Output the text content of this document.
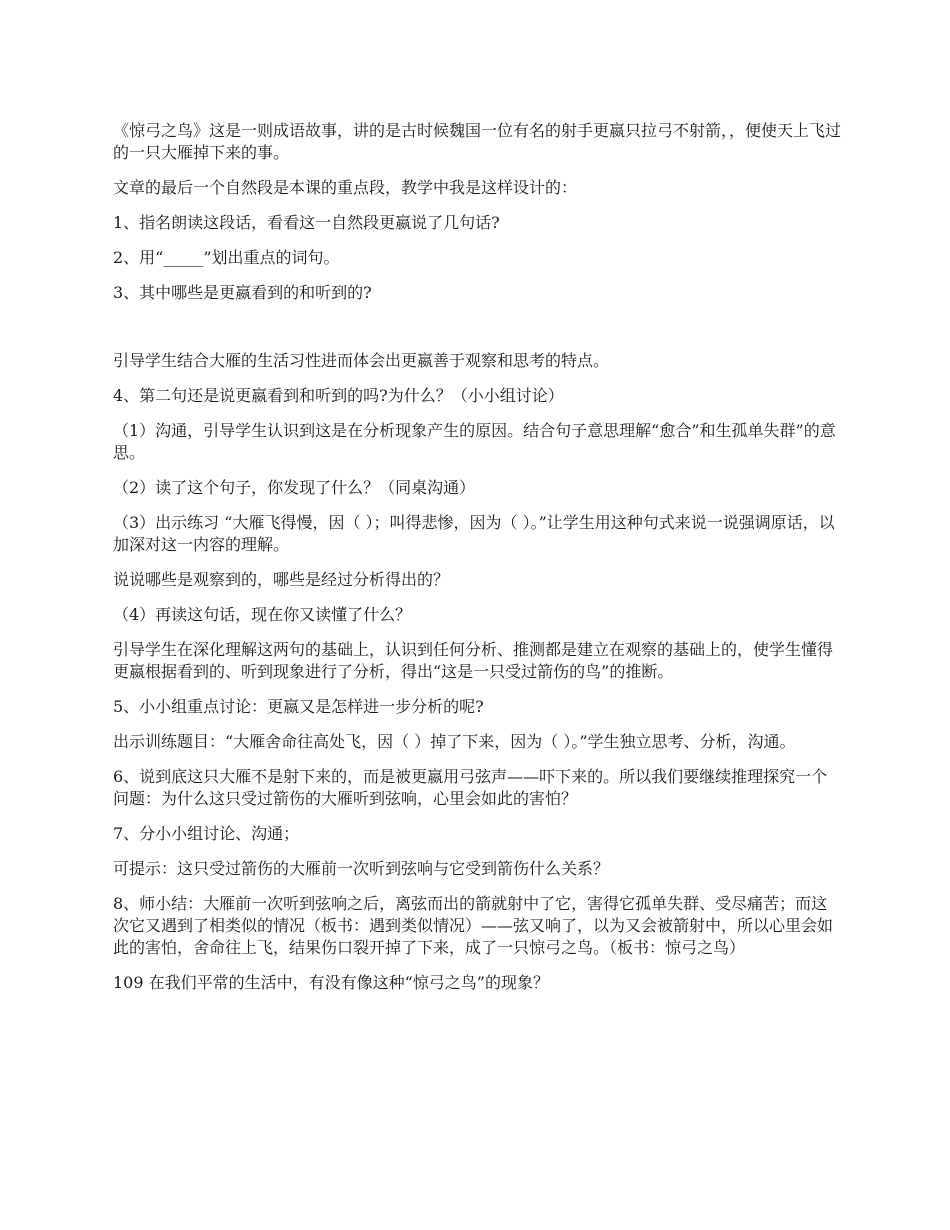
《惊弓之鸟》这是一则成语故事，讲的是古时候魏国一位有名的射手更嬴只拉弓不射箭，，便使天上飞过的一只大雁掉下来的事。

文章的最后一个自然段是本课的重点段，教学中我是这样设计的：

1、指名朗读这段话，看看这一自然段更嬴说了几句话?

2、用“_____”划出重点的词句。

3、其中哪些是更嬴看到的和听到的?

引导学生结合大雁的生活习性进而体会出更嬴善于观察和思考的特点。

4、第二句还是说更嬴看到和听到的吗?为什么？（小小组讨论）

（1）沟通，引导学生认识到这是在分析现象产生的原因。结合句子意思理解“愈合”和生孤单失群”的意思。

（2）读了这个句子，你发现了什么？（同桌沟通）

（3）出示练习 “大雁飞得慢，因（ ）；叫得悲惨，因为（ ）。”让学生用这种句式来说一说强调原话，以加深对这一内容的理解。

说说哪些是观察到的，哪些是经过分析得出的？

（4）再读这句话，现在你又读懂了什么？

引导学生在深化理解这两句的基础上，认识到任何分析、推测都是建立在观察的基础上的，使学生懂得更嬴根据看到的、听到现象进行了分析，得出“这是一只受过箭伤的鸟”的推断。

5、小小组重点讨论：更嬴又是怎样进一步分析的呢?

出示训练题目：“大雁舍命往高处飞，因（ ）掉了下来，因为（ ）。”学生独立思考、分析，沟通。

6、说到底这只大雁不是射下来的，而是被更嬴用弓弦声——吓下来的。所以我们要继续推理探究一个问题：为什么这只受过箭伤的大雁听到弦响，心里会如此的害怕？

7、分小小组讨论、沟通；

可提示：这只受过箭伤的大雁前一次听到弦响与它受到箭伤什么关系？

8、师小结：大雁前一次听到弦响之后，离弦而出的箭就射中了它，害得它孤单失群、受尽痛苦；而这次它又遇到了相类似的情况（板书：遇到类似情况）——弦又响了，以为又会被箭射中，所以心里会如此的害怕，舍命往上飞，结果伤口裂开掉了下来，成了一只惊弓之鸟。（板书：惊弓之鸟）

109 在我们平常的生活中，有没有像这种“惊弓之鸟”的现象？
